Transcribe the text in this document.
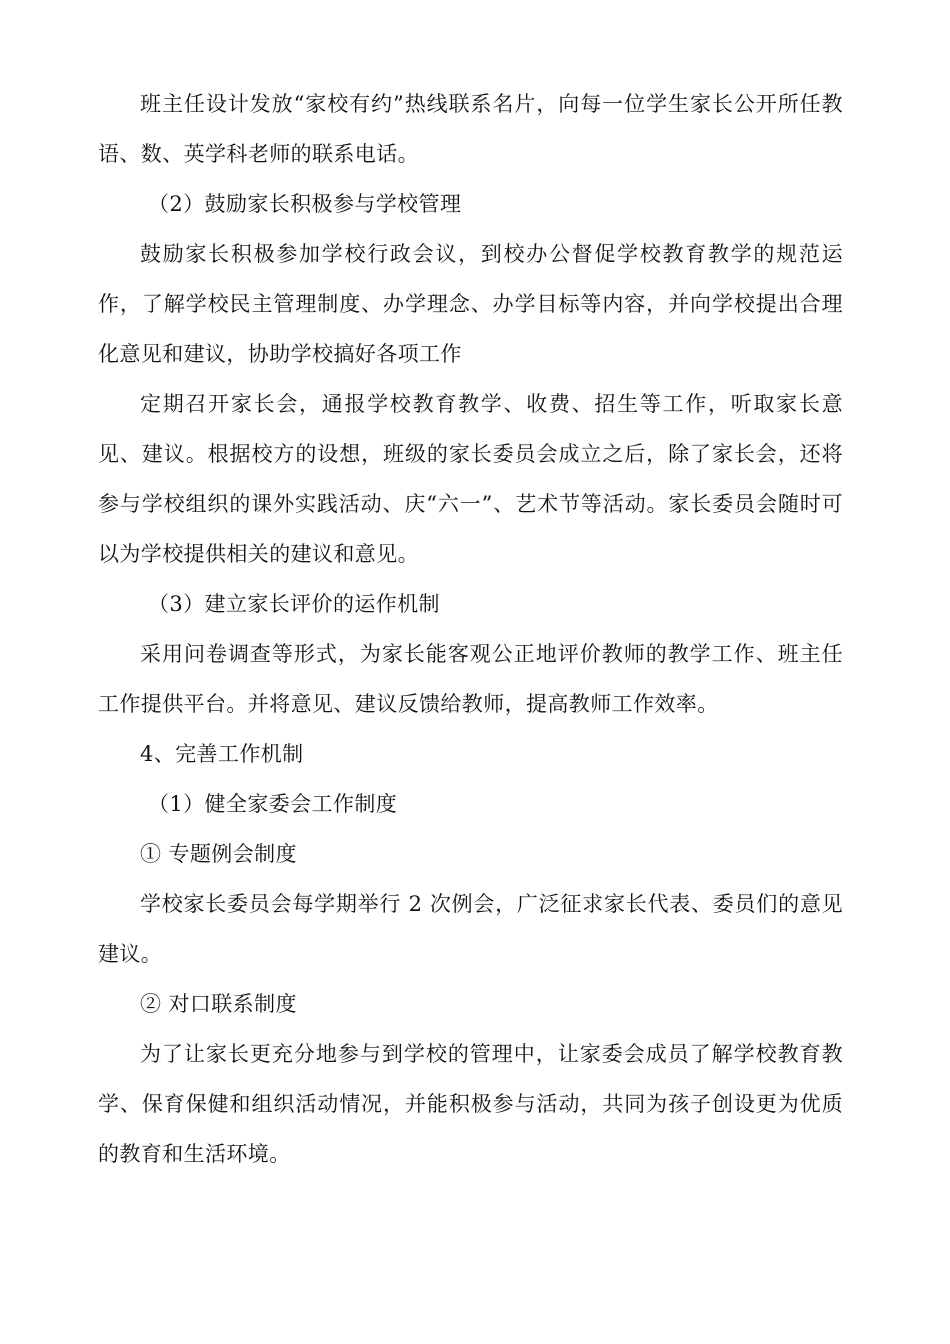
班主任设计发放“家校有约”热线联系名片，向每一位学生家长公开所任教语、数、英学科老师的联系电话。

（2）鼓励家长积极参与学校管理

鼓励家长积极参加学校行政会议，到校办公督促学校教育教学的规范运作，了解学校民主管理制度、办学理念、办学目标等内容，并向学校提出合理化意见和建议，协助学校搞好各项工作

定期召开家长会，通报学校教育教学、收费、招生等工作，听取家长意见、建议。根据校方的设想，班级的家长委员会成立之后，除了家长会，还将参与学校组织的课外实践活动、庆“六一”、艺术节等活动。家长委员会随时可以为学校提供相关的建议和意见。

（3）建立家长评价的运作机制

采用问卷调查等形式，为家长能客观公正地评价教师的教学工作、班主任工作提供平台。并将意见、建议反馈给教师，提高教师工作效率。

4、完善工作机制

（1）健全家委会工作制度

① 专题例会制度

学校家长委员会每学期举行 2 次例会，广泛征求家长代表、委员们的意见建议。

② 对口联系制度

为了让家长更充分地参与到学校的管理中，让家委会成员了解学校教育教学、保育保健和组织活动情况，并能积极参与活动，共同为孩子创设更为优质的教育和生活环境。
